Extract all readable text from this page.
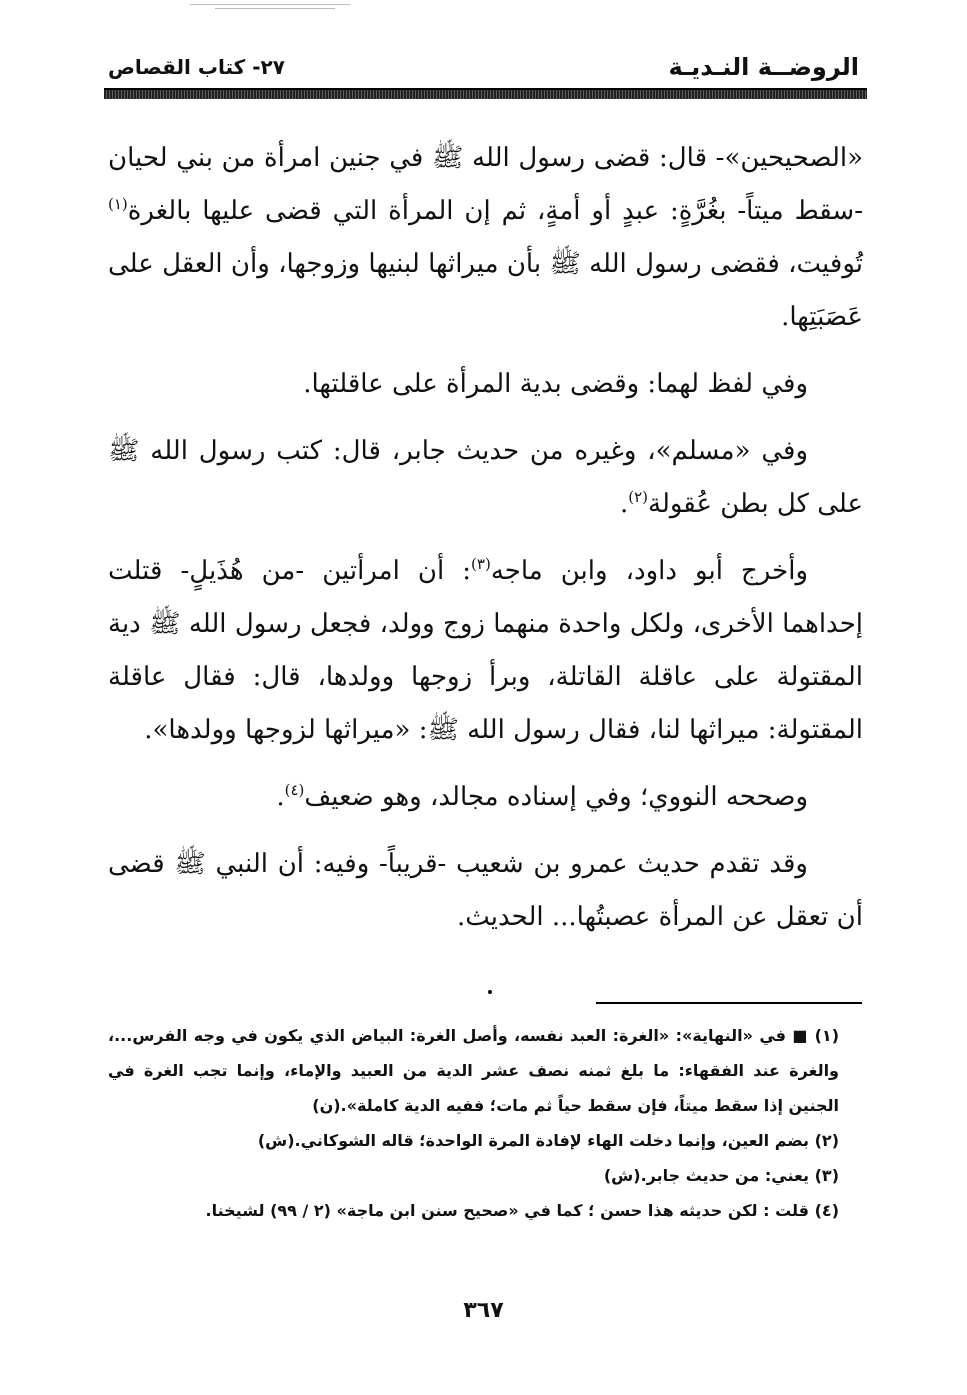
الروضــة النـديـة
٢٧- كتاب القصاص

«الصحيحين»- قال: قضى رسول الله ﷺ في جنين امرأة من بني لحيان -سقط ميتاً- بغُرَّةٍ: عبدٍ أو أمةٍ، ثم إن المرأة التي قضى عليها بالغرة$^{(١)}$ تُوفيت، فقضى رسول الله ﷺ بأن ميراثها لبنيها وزوجها، وأن العقل على عَصَبَتِها.

وفي لفظ لهما: وقضى بدية المرأة على عاقلتها.

وفي «مسلم»، وغيره من حديث جابر، قال: كتب رسول الله ﷺ على كل بطن عُقولة$^{(٢)}$.

وأخرج أبو داود، وابن ماجه$^{(٣)}$: أن امرأتين -من هُذَيلٍ- قتلت إحداهما الأخرى، ولكل واحدة منهما زوج وولد، فجعل رسول الله ﷺ دية المقتولة على عاقلة القاتلة، وبرأ زوجها وولدها، قال: فقال عاقلة المقتولة: ميراثها لنا، فقال رسول الله ﷺ: «ميراثها لزوجها وولدها».

وصححه النووي؛ وفي إسناده مجالد، وهو ضعيف$^{(٤)}$.

وقد تقدم حديث عمرو بن شعيب -قريباً- وفيه: أن النبي ﷺ قضى أن تعقل عن المرأة عصبتُها... الحديث.

(١) ■ في «النهاية»: «الغرة: العبد نفسه، وأصل الغرة: البياض الذي يكون في وجه الفرس...، والغرة عند الفقهاء: ما بلغ ثمنه نصف عشر الدية من العبيد والإماء، وإنما تجب الغرة في الجنين إذا سقط ميتاً، فإن سقط حياً ثم مات؛ ففيه الدية كاملة».(ن)

(٢) بضم العين، وإنما دخلت الهاء لإفادة المرة الواحدة؛ قاله الشوكاني.(ش)

(٣) يعني: من حديث جابر.(ش)

(٤) قلت : لكن حديثه هذا حسن ؛ كما في «صحيح سنن ابن ماجة» (٢ / ٩٩) لشيخنا.

٣٦٧
